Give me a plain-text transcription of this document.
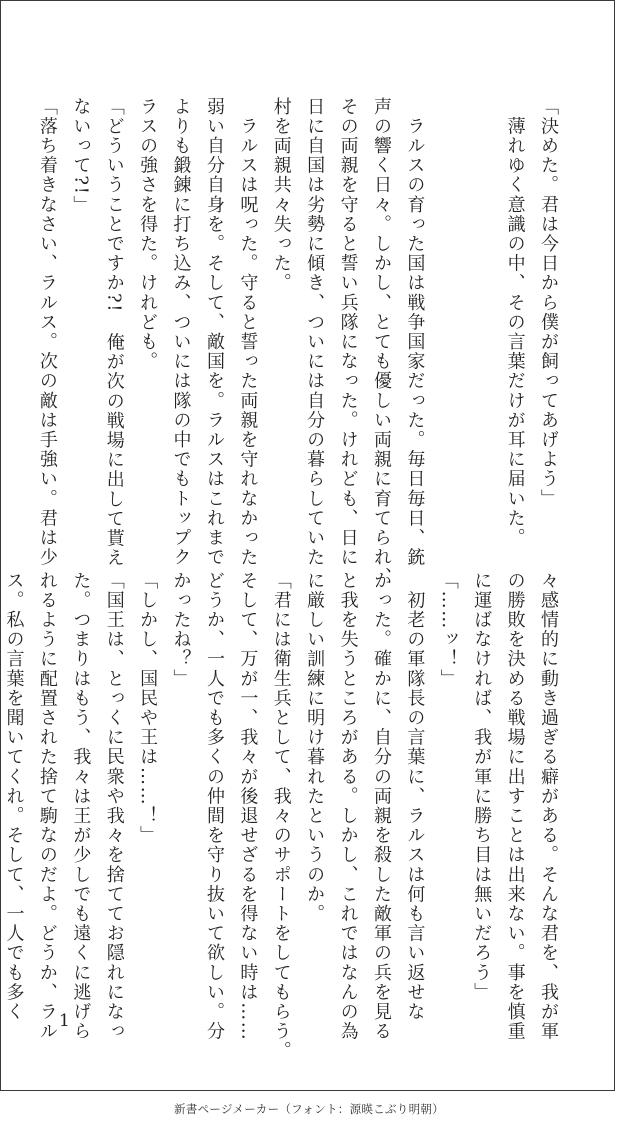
「決めた。君は今日から僕が飼ってあげよう」
　薄れゆく意識の中、その言葉だけが耳に届いた。
　ラルスの育った国は戦争国家だった。毎日毎日、銃
声の響く日々。しかし、とても優しい両親に育てられ、
その両親を守ると誓い兵隊になった。けれども、日に
日に自国は劣勢に傾き、ついには自分の暮らしていた
村を両親共々失った。
　ラルスは呪った。守ると誓った両親を守れなかった
弱い自分自身を。そして、敵国を。ラルスはこれまで
よりも鍛錬に打ち込み、ついには隊の中でもトップク
ラスの強さを得た。けれども。
「どういうことですか?!　俺が次の戦場に出して貰え
ないって?!」
「落ち着きなさい、ラルス。次の敵は手強い。君は少
々感情的に動き過ぎる癖がある。そんな君を、我が軍
の勝敗を決める戦場に出すことは出来ない。事を慎重
に運ばなければ、我が軍に勝ち目は無いだろう」
「……ッ！」
　初老の軍隊長の言葉に、ラルスは何も言い返せな
かった。確かに、自分の両親を殺した敵軍の兵を見る
と我を失うところがある。しかし、これではなんの為
に厳しい訓練に明け暮れたというのか。
「君には衛生兵として、我々のサポートをしてもらう。
そして、万が一、我々が後退せざるを得ない時は……
どうか、一人でも多くの仲間を守り抜いて欲しい。分
かったね？」
「しかし、国民や王は……！」
「国王は、とっくに民衆や我々を捨ててお隠れになっ
た。つまりはもう、我々は王が少しでも遠くに逃げら
れるように配置された捨て駒なのだよ。どうか、ラル
ス。私の言葉を聞いてくれ。そして、一人でも多く	1
新書ページメーカー（フォント：源暎こぶり明朝）
